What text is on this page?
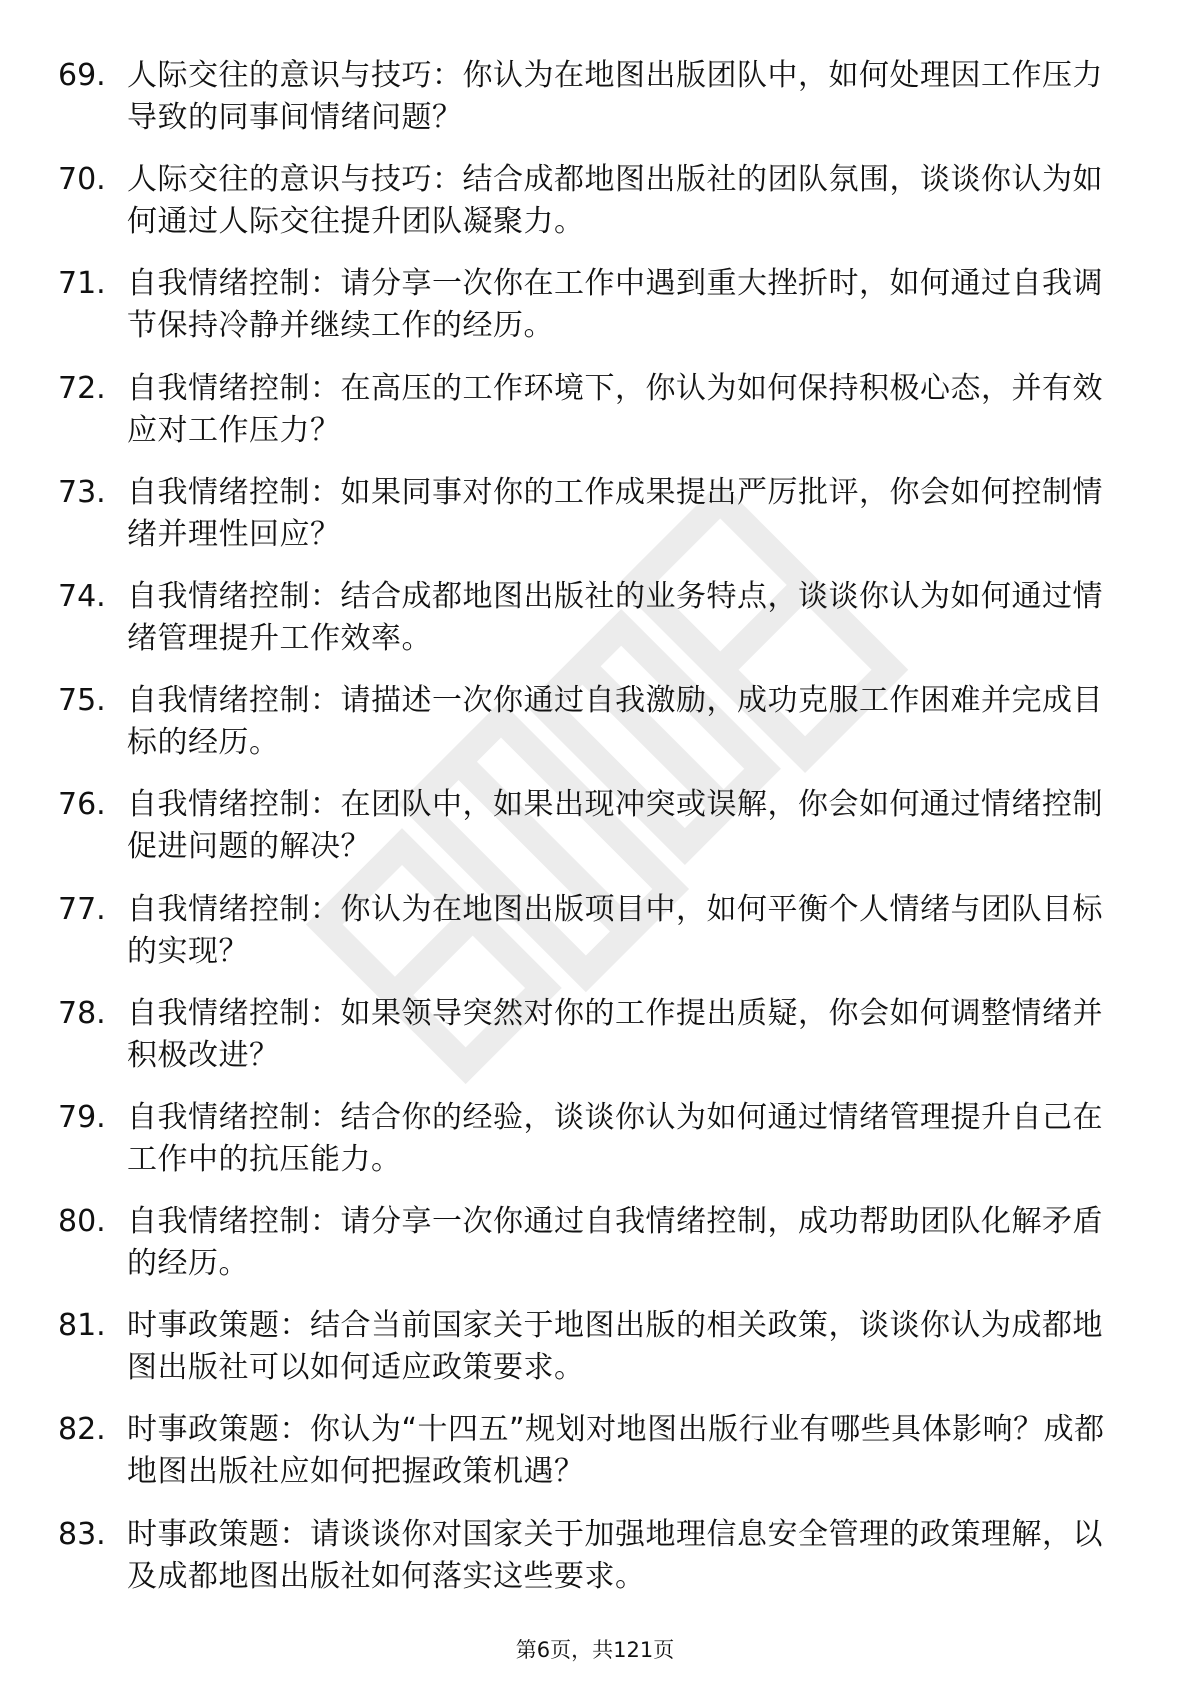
69. 人际交往的意识与技巧：你认为在地图出版团队中，如何处理因工作压力导致的同事间情绪问题？
70. 人际交往的意识与技巧：结合成都地图出版社的团队氛围，谈谈你认为如何通过人际交往提升团队凝聚力。
71. 自我情绪控制：请分享一次你在工作中遇到重大挫折时，如何通过自我调节保持冷静并继续工作的经历。
72. 自我情绪控制：在高压的工作环境下，你认为如何保持积极心态，并有效应对工作压力？
73. 自我情绪控制：如果同事对你的工作成果提出严厉批评，你会如何控制情绪并理性回应？
74. 自我情绪控制：结合成都地图出版社的业务特点，谈谈你认为如何通过情绪管理提升工作效率。
75. 自我情绪控制：请描述一次你通过自我激励，成功克服工作困难并完成目标的经历。
76. 自我情绪控制：在团队中，如果出现冲突或误解，你会如何通过情绪控制促进问题的解决？
77. 自我情绪控制：你认为在地图出版项目中，如何平衡个人情绪与团队目标的实现？
78. 自我情绪控制：如果领导突然对你的工作提出质疑，你会如何调整情绪并积极改进？
79. 自我情绪控制：结合你的经验，谈谈你认为如何通过情绪管理提升自己在工作中的抗压能力。
80. 自我情绪控制：请分享一次你通过自我情绪控制，成功帮助团队化解矛盾的经历。
81. 时事政策题：结合当前国家关于地图出版的相关政策，谈谈你认为成都地图出版社可以如何适应政策要求。
82. 时事政策题：你认为“十四五”规划对地图出版行业有哪些具体影响？成都地图出版社应如何把握政策机遇？
83. 时事政策题：请谈谈你对国家关于加强地理信息安全管理的政策理解，以及成都地图出版社如何落实这些要求。
第6页，共121页
